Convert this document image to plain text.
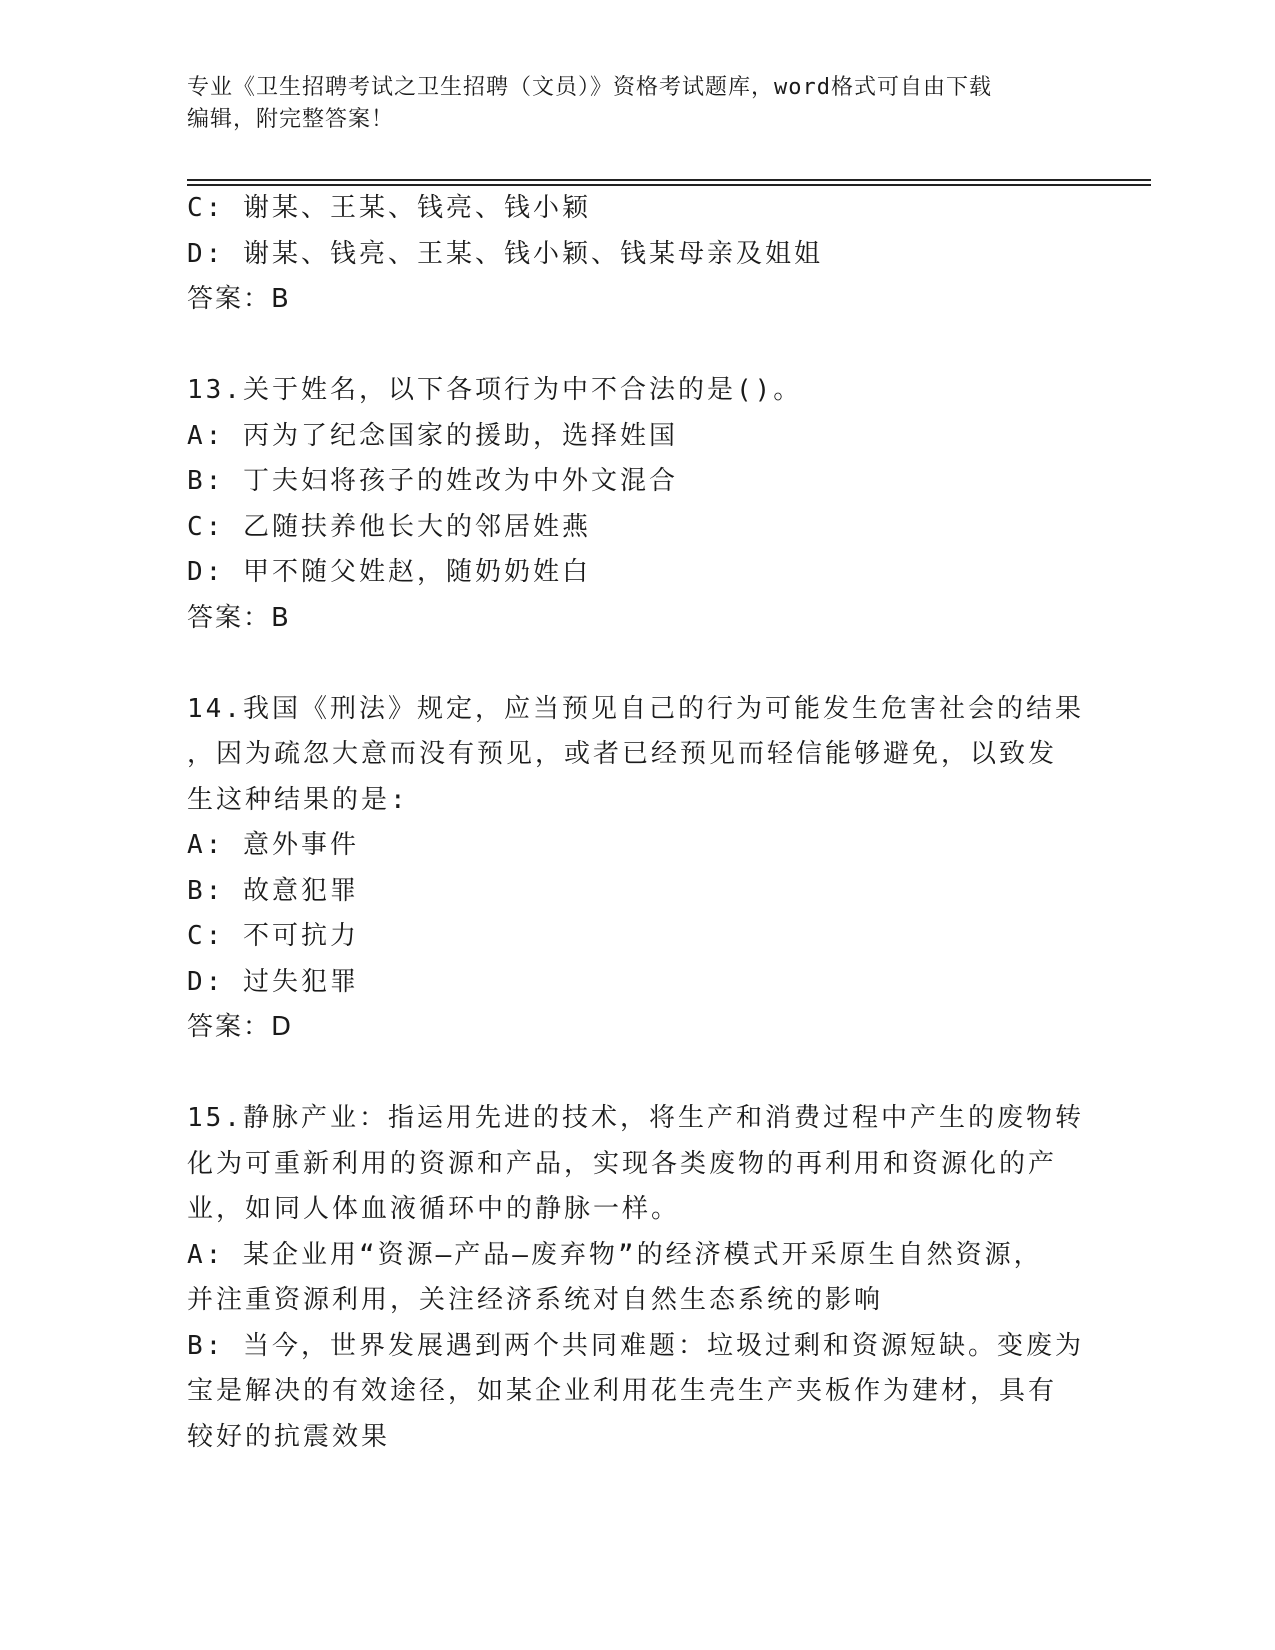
专业《卫生招聘考试之卫生招聘（文员）》资格考试题库，word格式可自由下载
编辑，附完整答案！
C: 谢某、王某、钱亮、钱小颖
D: 谢某、钱亮、王某、钱小颖、钱某母亲及姐姐
答案：B
13.关于姓名，以下各项行为中不合法的是()。
A: 丙为了纪念国家的援助，选择姓国
B: 丁夫妇将孩子的姓改为中外文混合
C: 乙随扶养他长大的邻居姓燕
D: 甲不随父姓赵，随奶奶姓白
答案：B
14.我国《刑法》规定，应当预见自己的行为可能发生危害社会的结果
，因为疏忽大意而没有预见，或者已经预见而轻信能够避免，以致发
生这种结果的是:
A: 意外事件
B: 故意犯罪
C: 不可抗力
D: 过失犯罪
答案：D
15.静脉产业：指运用先进的技术，将生产和消费过程中产生的废物转
化为可重新利用的资源和产品，实现各类废物的再利用和资源化的产
业，如同人体血液循环中的静脉一样。
A: 某企业用“资源—产品—废弃物”的经济模式开采原生自然资源，
并注重资源利用，关注经济系统对自然生态系统的影响
B: 当今，世界发展遇到两个共同难题：垃圾过剩和资源短缺。变废为
宝是解决的有效途径，如某企业利用花生壳生产夹板作为建材，具有
较好的抗震效果
